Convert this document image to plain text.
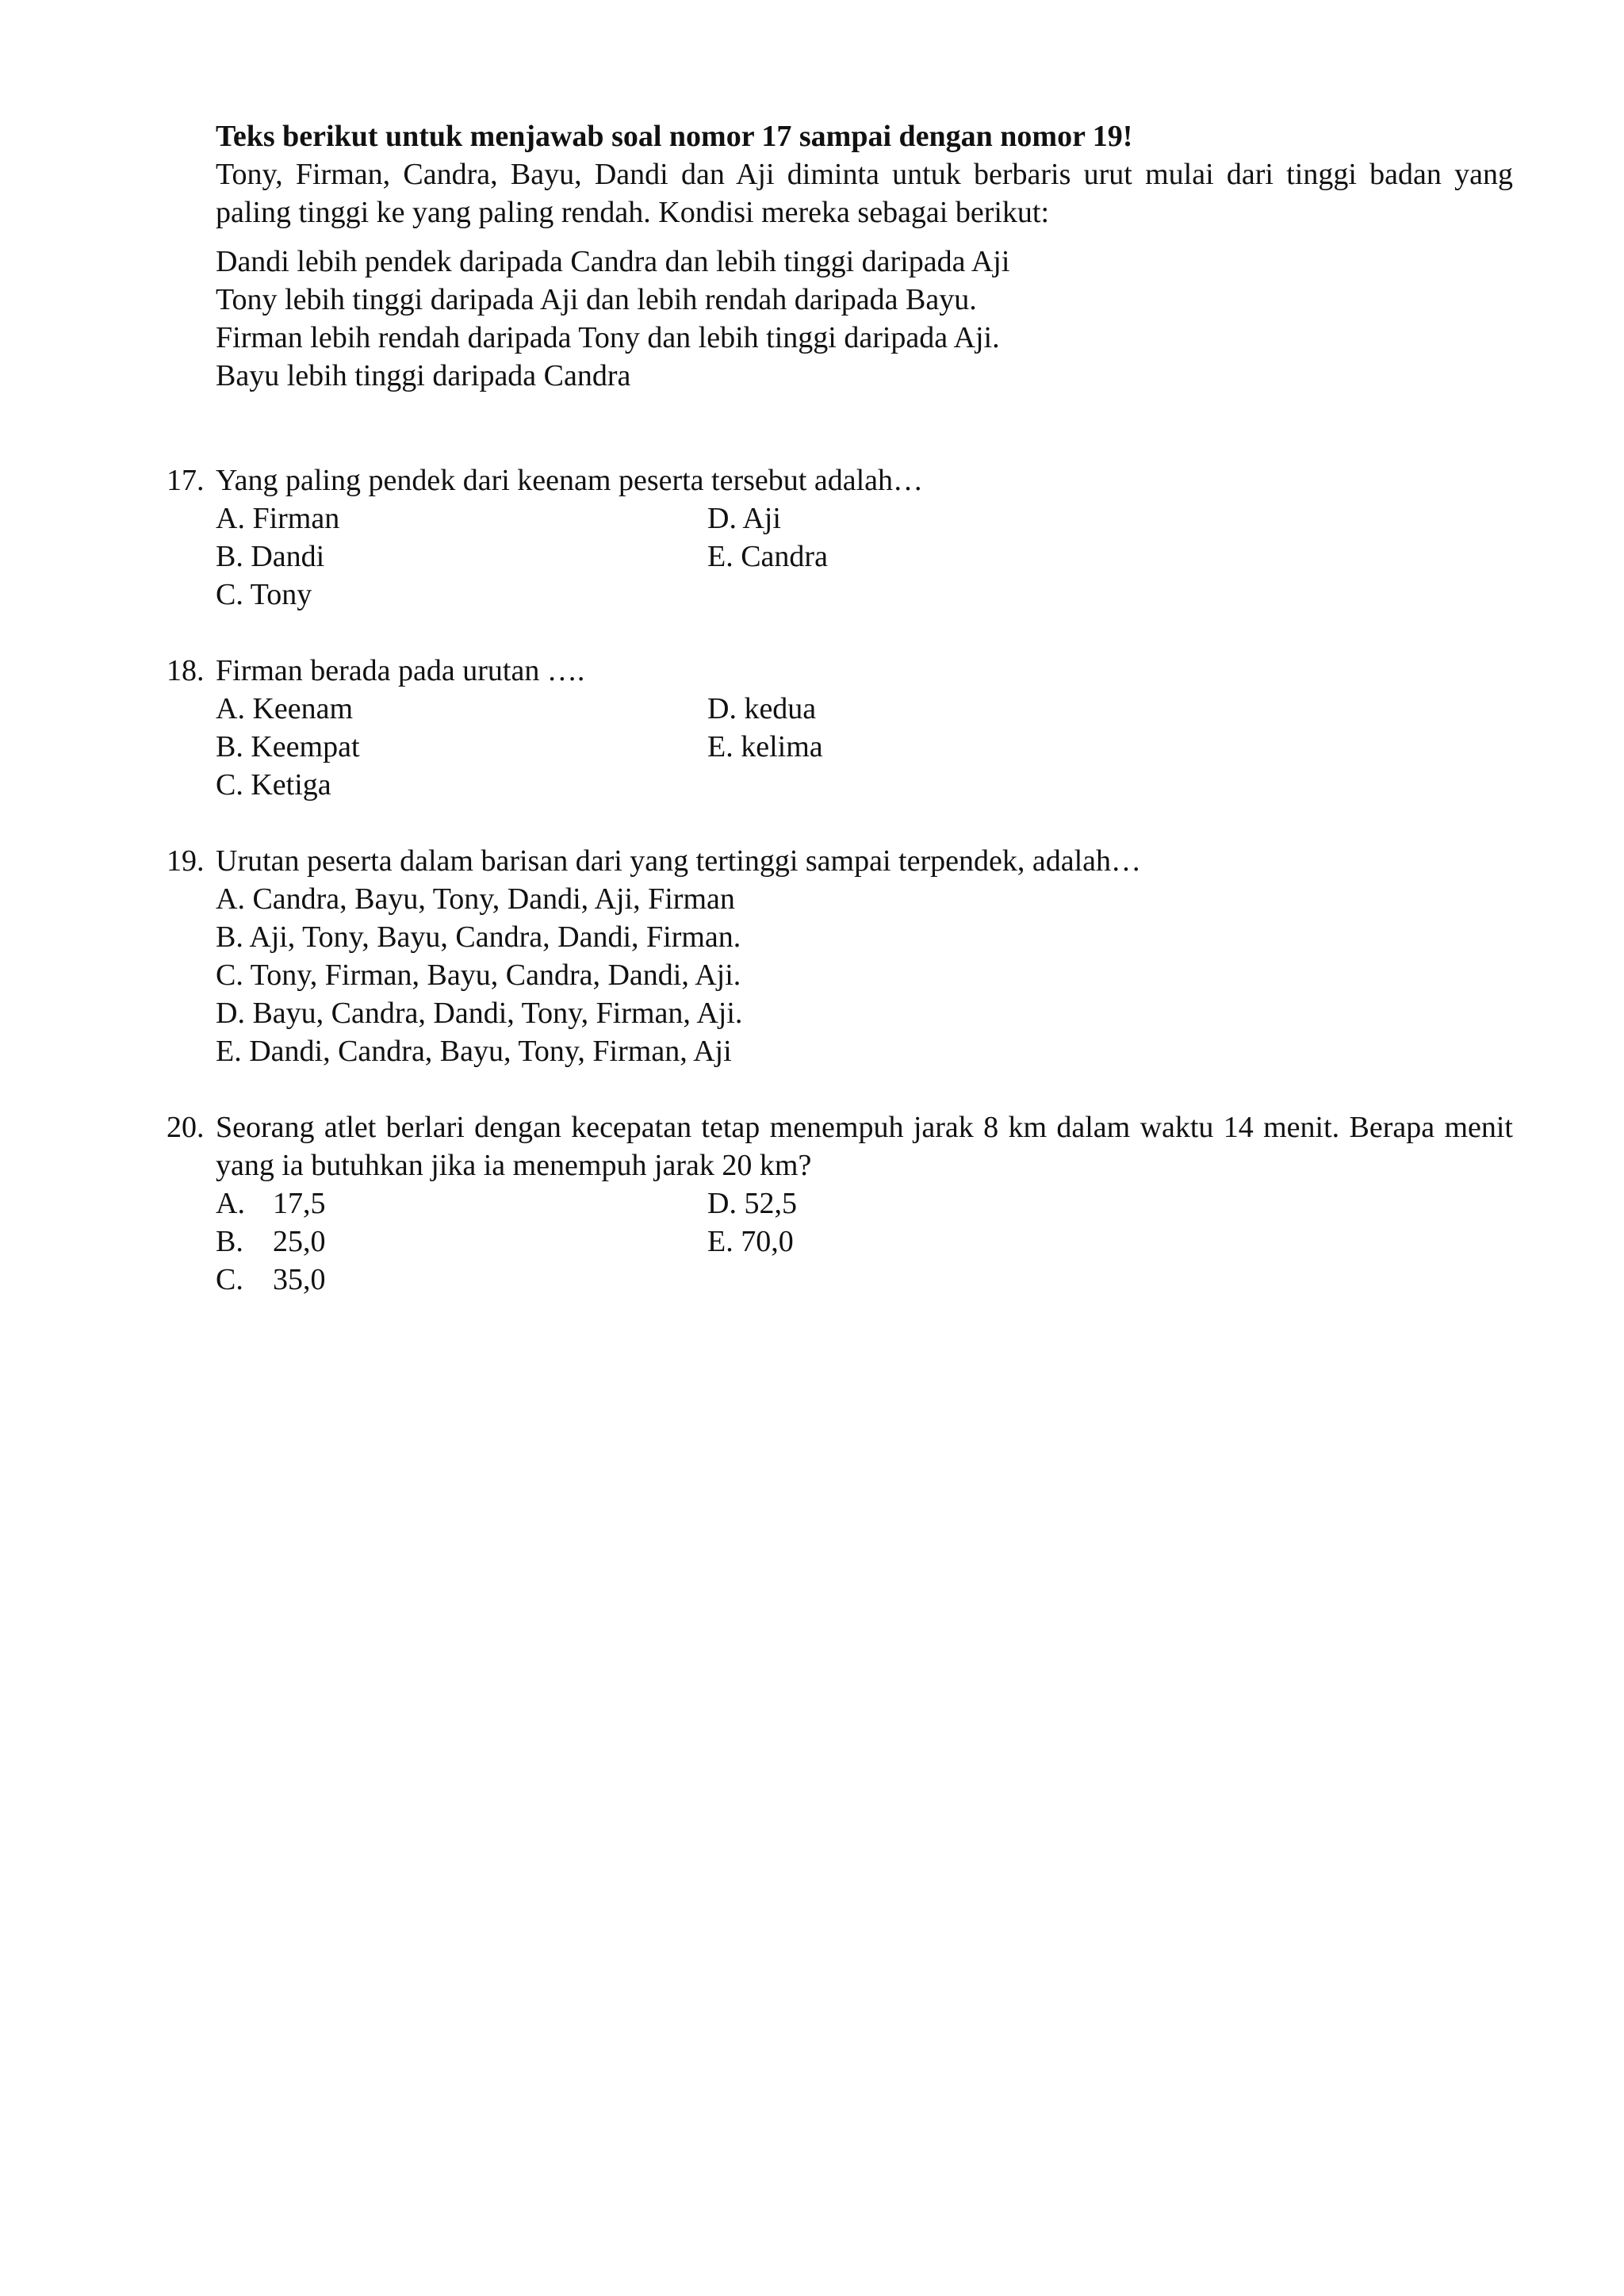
Teks berikut untuk menjawab soal nomor 17 sampai dengan nomor 19!
Tony, Firman, Candra, Bayu, Dandi dan Aji diminta untuk berbaris urut mulai dari tinggi badan yang paling tinggi ke yang paling rendah. Kondisi mereka sebagai berikut:
Dandi lebih pendek daripada Candra dan lebih tinggi daripada Aji
Tony lebih tinggi daripada Aji dan lebih rendah daripada Bayu.
Firman lebih rendah daripada Tony dan lebih tinggi daripada Aji.
Bayu lebih tinggi daripada Candra
17. Yang paling pendek dari keenam peserta tersebut adalah…
A. Firman	D. Aji
B. Dandi	E. Candra
C. Tony
18. Firman berada pada urutan ….
A. Keenam	D. kedua
B. Keempat	E. kelima
C. Ketiga
19. Urutan peserta dalam barisan dari yang tertinggi sampai terpendek, adalah…
A. Candra, Bayu, Tony, Dandi, Aji, Firman
B. Aji, Tony, Bayu, Candra, Dandi, Firman.
C. Tony, Firman, Bayu, Candra, Dandi, Aji.
D. Bayu, Candra, Dandi, Tony, Firman, Aji.
E. Dandi, Candra, Bayu, Tony, Firman, Aji
20. Seorang atlet berlari dengan kecepatan tetap menempuh jarak 8 km dalam waktu 14 menit. Berapa menit yang ia butuhkan jika ia menempuh jarak 20 km?
A. 17,5	D. 52,5
B. 25,0	E. 70,0
C. 35,0
